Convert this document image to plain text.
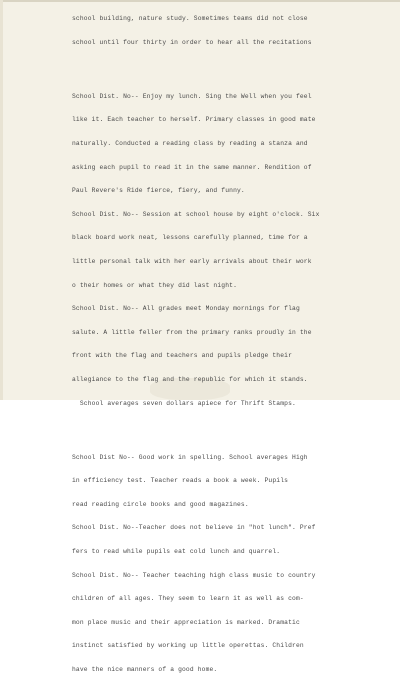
school building, nature study. Sometimes teams did not close

school until four thirty in order to hear all the recitations

School Dist. No-- Enjoy my lunch. Sing the Well when you feel

like it. Each teacher to herself. Primary classes in good mate

naturally. Conducted a reading class by reading a stanza and

asking each pupil to read it in the same manner. Rendition of

Paul Revere's Ride fierce, fiery, and funny.

School Dist. No-- Session at school house by eight o'clock. Six

black board work neat, lessons carefully planned, time for a

little personal talk with her early arrivals about their work

o their homes or what they did last night.

School Dist. No-- All grades meet Monday mornings for flag

salute. A little feller from the primary ranks proudly in the

front with the flag and teachers and pupils pledge their

allegiance to the flag and the republic for which it stands.

School averages seven dollars apiece for Thrift Stamps.

School Dist No-- Good work in spelling. School averages High

in efficiency test. Teacher reads a book a week. Pupils

read reading circle books and good magazines.

School Dist. No--Teacher does not believe in "hot lunch". Pref

fers to read while pupils eat cold lunch and quarrel.

School Dist. No-- Teacher teaching high class music to country

children of all ages. They seem to learn it as well as com-

mon place music and their appreciation is marked. Dramatic

instinct satisfied by working up little operettas. Children

have the nice manners of a good home.
